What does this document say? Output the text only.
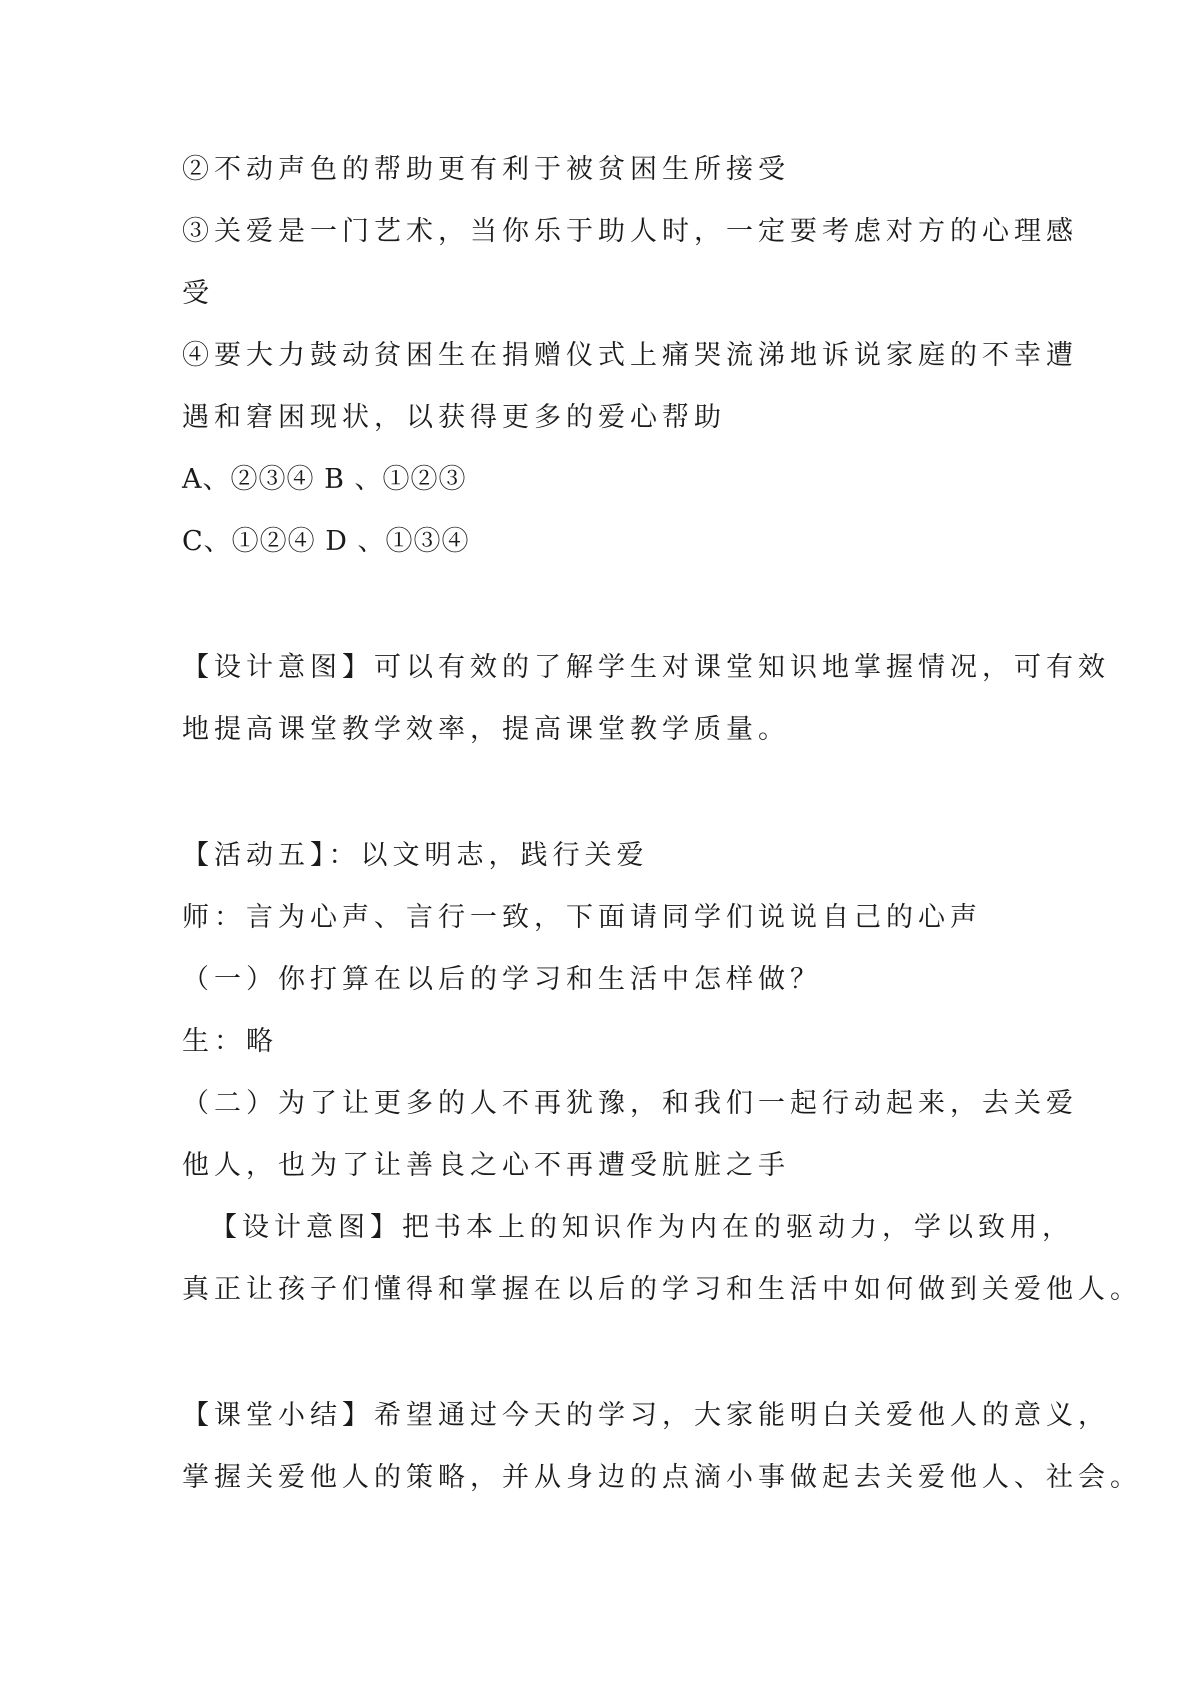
②不动声色的帮助更有利于被贫困生所接受
③关爱是一门艺术，当你乐于助人时，一定要考虑对方的心理感
受
④要大力鼓动贫困生在捐赠仪式上痛哭流涕地诉说家庭的不幸遭
遇和窘困现状，以获得更多的爱心帮助
A、②③④ B 、①②③
C、①②④ D 、①③④
【设计意图】可以有效的了解学生对课堂知识地掌握情况，可有效
地提高课堂教学效率，提高课堂教学质量。
【活动五】：以文明志，践行关爱
师：言为心声、言行一致，下面请同学们说说自己的心声
（一）你打算在以后的学习和生活中怎样做？
生：略
（二）为了让更多的人不再犹豫，和我们一起行动起来，去关爱
他人，也为了让善良之心不再遭受肮脏之手
【设计意图】把书本上的知识作为内在的驱动力，学以致用，
真正让孩子们懂得和掌握在以后的学习和生活中如何做到关爱他人。
【课堂小结】希望通过今天的学习，大家能明白关爱他人的意义，
掌握关爱他人的策略，并从身边的点滴小事做起去关爱他人、社会。
